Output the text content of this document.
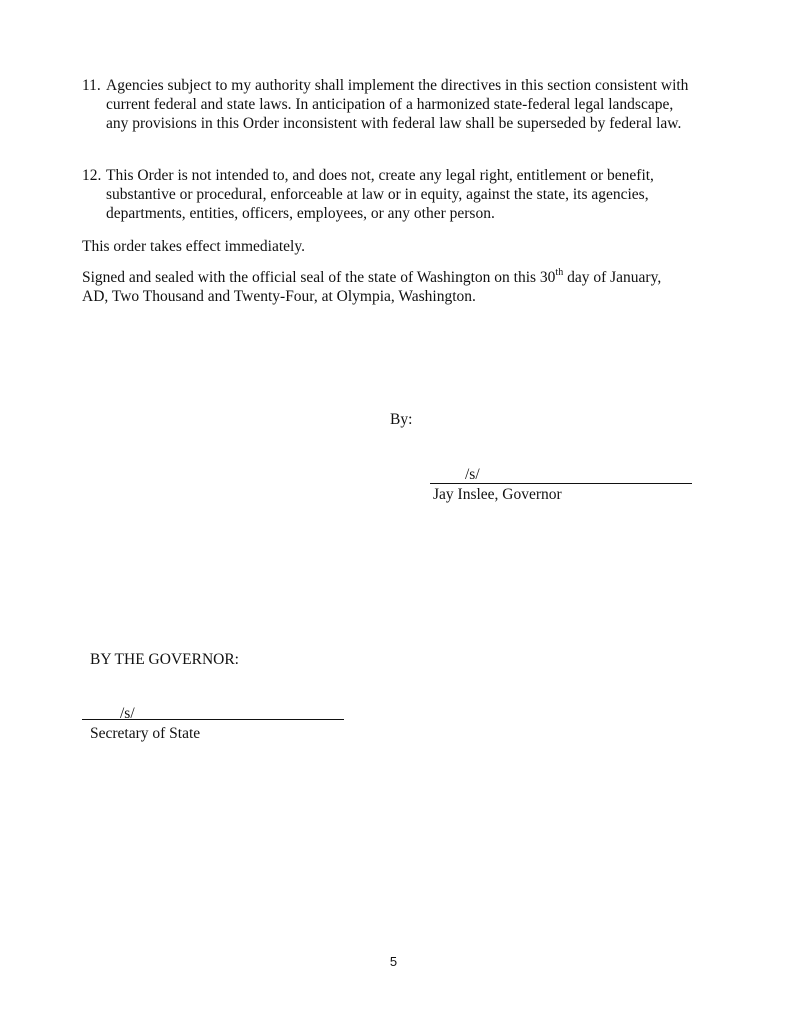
11. Agencies subject to my authority shall implement the directives in this section consistent with current federal and state laws. In anticipation of a harmonized state-federal legal landscape, any provisions in this Order inconsistent with federal law shall be superseded by federal law.
12. This Order is not intended to, and does not, create any legal right, entitlement or benefit, substantive or procedural, enforceable at law or in equity, against the state, its agencies, departments, entities, officers, employees, or any other person.
This order takes effect immediately.
Signed and sealed with the official seal of the state of Washington on this 30th day of January, AD, Two Thousand and Twenty-Four, at Olympia, Washington.
By:
/s/
Jay Inslee, Governor
BY THE GOVERNOR:
/s/
Secretary of State
5
